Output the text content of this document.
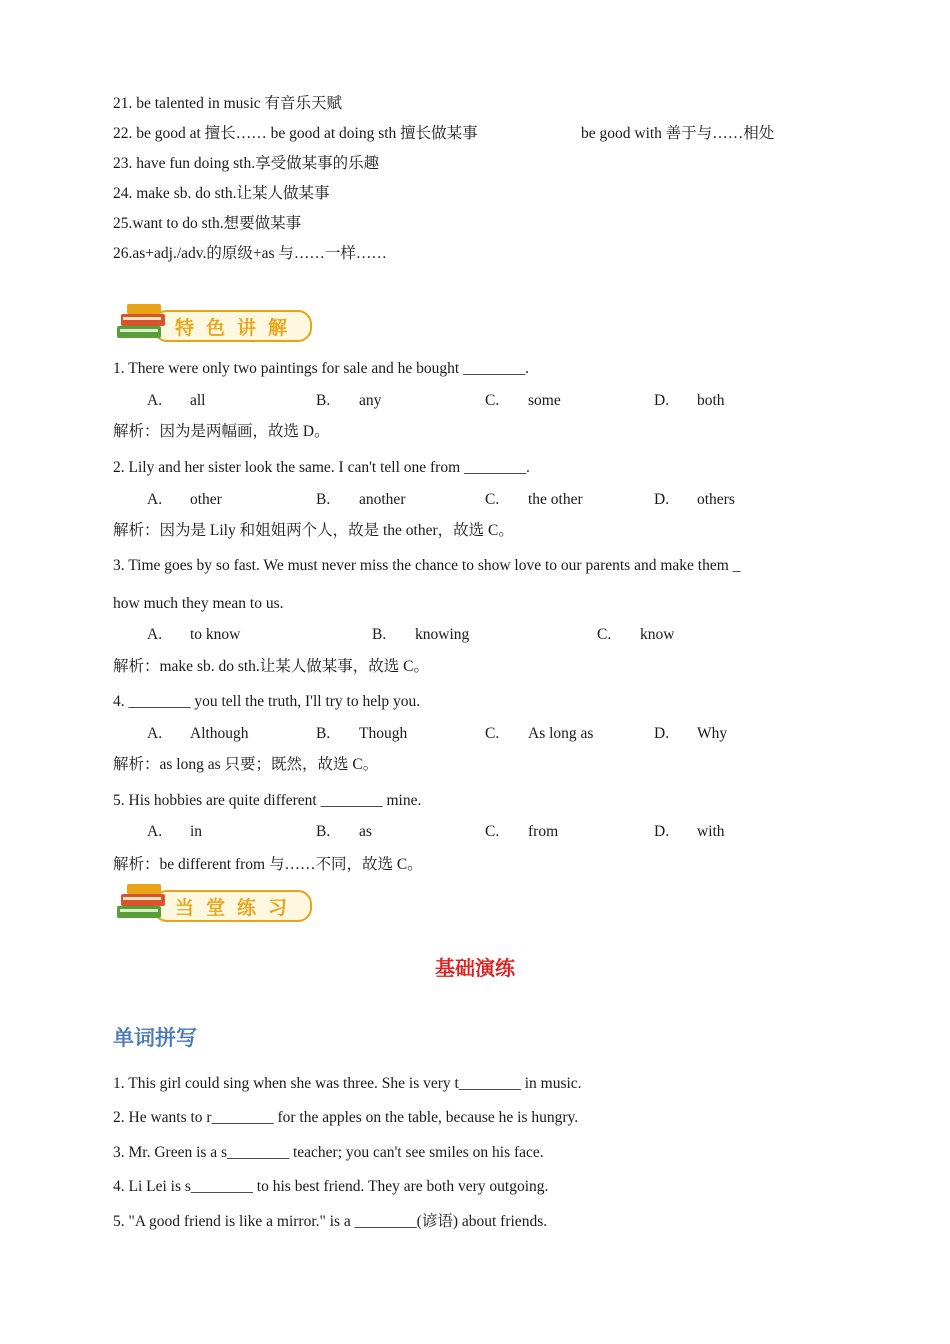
21. be talented in music 有音乐天赋
22. be good at 擅长…… be good at doing sth 擅长做某事	be good with 善于与……相处
23. have fun doing sth.享受做某事的乐趣
24. make sb. do sth.让某人做某事
25.want to do sth.想要做某事
26.as+adj./adv.的原级+as 与……一样……
特色讲解
1. There were only two paintings for sale and he bought ________.
A. all	B. any	C. some	D. both
解析：因为是两幅画，故选 D。
2. Lily and her sister look the same. I can't tell one from ________.
A. other	B. another	C. the other	D. others
解析：因为是 Lily 和姐姐两个人，故是 the other，故选 C。
3. Time goes by so fast. We must never miss the chance to show love to our parents and make them _
how much they mean to us.
A. to know	B. knowing	C. know
解析：make sb. do sth.让某人做某事，故选 C。
4. ________ you tell the truth, I'll try to help you.
A. Although	B. Though	C. As long as	D. Why
解析：as long as 只要；既然，故选 C。
5. His hobbies are quite different ________ mine.
A. in	B. as	C. from	D. with
解析：be different from 与……不同，故选 C。
当堂练习
基础演练
单词拼写
1. This girl could sing when she was three. She is very t________ in music.
2. He wants to r________ for the apples on the table, because he is hungry.
3. Mr. Green is a s________ teacher; you can't see smiles on his face.
4. Li Lei is s________ to his best friend. They are both very outgoing.
5. "A good friend is like a mirror." is a ________(谚语) about friends.
